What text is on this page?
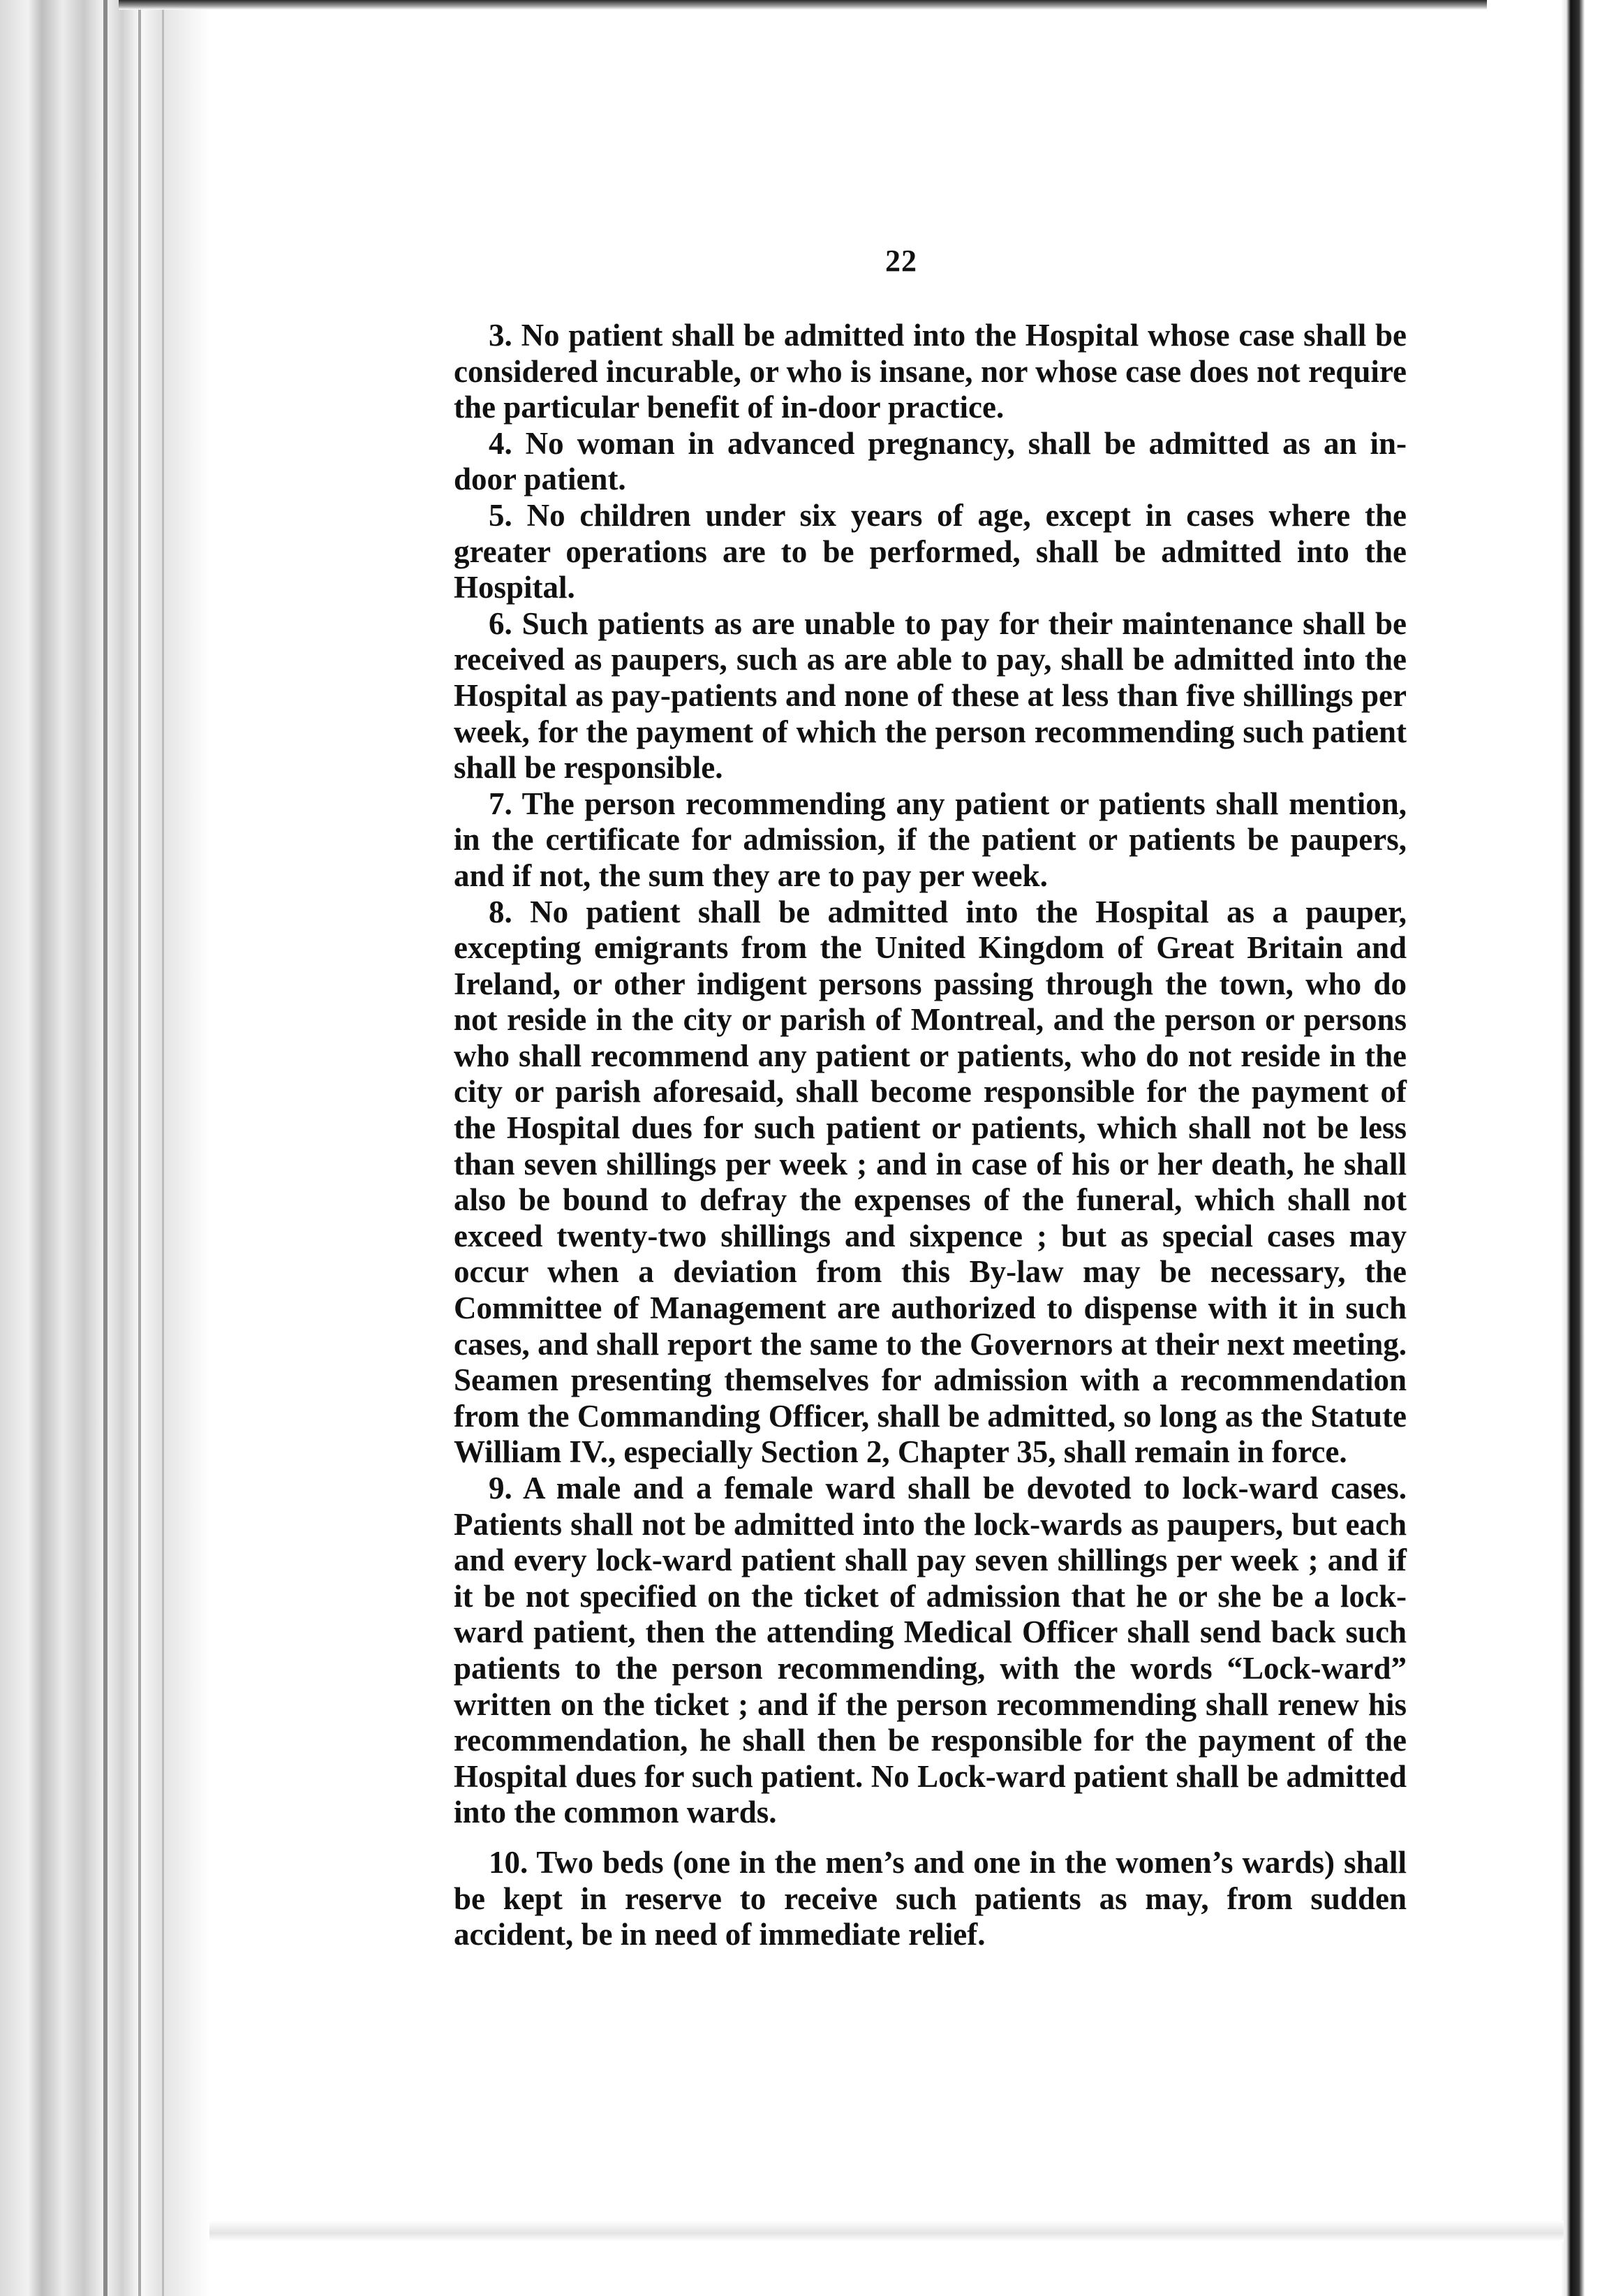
22

3. No patient shall be admitted into the Hospital whose case shall be considered incurable, or who is insane, nor whose case does not require the particular benefit of in-door practice.

4. No woman in advanced pregnancy, shall be admitted as an in-door patient.

5. No children under six years of age, except in cases where the greater operations are to be performed, shall be admitted into the Hospital.

6. Such patients as are unable to pay for their maintenance shall be received as paupers, such as are able to pay, shall be admitted into the Hospital as pay-patients and none of these at less than five shillings per week, for the payment of which the person recommending such patient shall be responsible.

7. The person recommending any patient or patients shall mention, in the certificate for admission, if the patient or patients be paupers, and if not, the sum they are to pay per week.

8. No patient shall be admitted into the Hospital as a pauper, excepting emigrants from the United Kingdom of Great Britain and Ireland, or other indigent persons passing through the town, who do not reside in the city or parish of Montreal, and the person or persons who shall recommend any patient or patients, who do not reside in the city or parish aforesaid, shall become responsible for the payment of the Hospital dues for such patient or patients, which shall not be less than seven shillings per week ; and in case of his or her death, he shall also be bound to defray the expenses of the funeral, which shall not exceed twenty-two shillings and sixpence ; but as special cases may occur when a deviation from this By-law may be necessary, the Committee of Management are authorized to dispense with it in such cases, and shall report the same to the Governors at their next meeting. Seamen presenting themselves for admission with a recommendation from the Commanding Officer, shall be admitted, so long as the Statute William IV., especially Section 2, Chapter 35, shall remain in force.

9. A male and a female ward shall be devoted to lock-ward cases. Patients shall not be admitted into the lock-wards as paupers, but each and every lock-ward patient shall pay seven shillings per week ; and if it be not specified on the ticket of admission that he or she be a lock-ward patient, then the attending Medical Officer shall send back such patients to the person recommending, with the words “Lock-ward” written on the ticket ; and if the person recommending shall renew his recommendation, he shall then be responsible for the payment of the Hospital dues for such patient. No Lock-ward patient shall be admitted into the common wards.

10. Two beds (one in the men’s and one in the women’s wards) shall be kept in reserve to receive such patients as may, from sudden accident, be in need of immediate relief.
